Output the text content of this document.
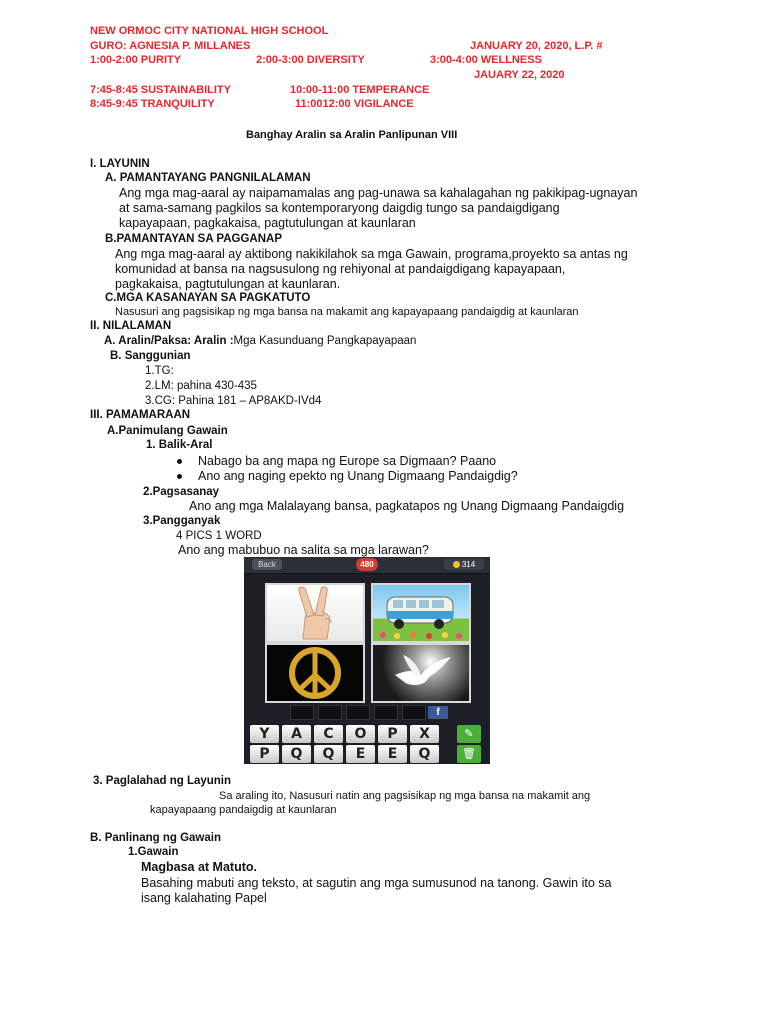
NEW ORMOC CITY NATIONAL HIGH SCHOOL
GURO: AGNESIA P. MILLANES	JANUARY 20, 2020, L.P. #
1:00-2:00 PURITY	2:00-3:00 DIVERSITY	3:00-4:00 WELLNESS
JAUARY 22, 2020
7:45-8:45 SUSTAINABILITY	10:00-11:00 TEMPERANCE
8:45-9:45 TRANQUILITY	11:0012:00 VIGILANCE
Banghay Aralin sa Aralin Panlipunan VIII
I. LAYUNIN
A. PAMANTAYANG PANGNILALAMAN
Ang mga mag-aaral ay naipamamalas ang pag-unawa sa kahalagahan ng pakikipag-ugnayan
at sama-samang pagkilos sa kontemporaryong daigdig tungo sa pandaigdigang
kapayapaan, pagkakaisa, pagtutulungan at kaunlaran
B.PAMANTAYAN SA PAGGANAP
Ang mga mag-aaral ay aktibong nakikilahok sa mga Gawain, programa,proyekto sa antas ng
komunidad at bansa na nagsusulong ng rehiyonal at pandaigdigang kapayapaan,
pagkakaisa, pagtutulungan at kaunlaran.
C.MGA KASANAYAN SA PAGKATUTO
Nasusuri ang pagsisikap ng mga bansa na makamit ang kapayapaang pandaigdig at kaunlaran
II. NILALAMAN
A. Aralin/Paksa: Aralin :Mga Kasunduang Pangkapayapaan
B. Sanggunian
1.TG:
2.LM: pahina 430-435
3.CG: Pahina 181 – AP8AKD-IVd4
III. PAMAMARAAN
A.Panimulang Gawain
1. Balik-Aral
Nabago ba ang mapa ng Europe sa Digmaan? Paano
Ano ang naging epekto ng Unang Digmaang Pandaigdig?
2.Pagsasanay
Ano ang mga Malalayang bansa, pagkatapos ng Unang Digmaang Pandaigdig
3.Pangganyak
4 PICS 1 WORD
Ano ang mabubuo na salita sa mga larawan?
Back	480	314
f
Y	A	C	O	P	X	✎
P	Q	Q	E	E	Q	🗑
3. Paglalahad ng Layunin
Sa araling ito, Nasusuri natin ang pagsisikap ng mga bansa na makamit ang
kapayapaang pandaigdig at kaunlaran
B. Panlinang ng Gawain
1.Gawain
Magbasa at Matuto.
Basahing mabuti ang teksto, at sagutin ang mga sumusunod na tanong. Gawin ito sa
isang kalahating Papel
